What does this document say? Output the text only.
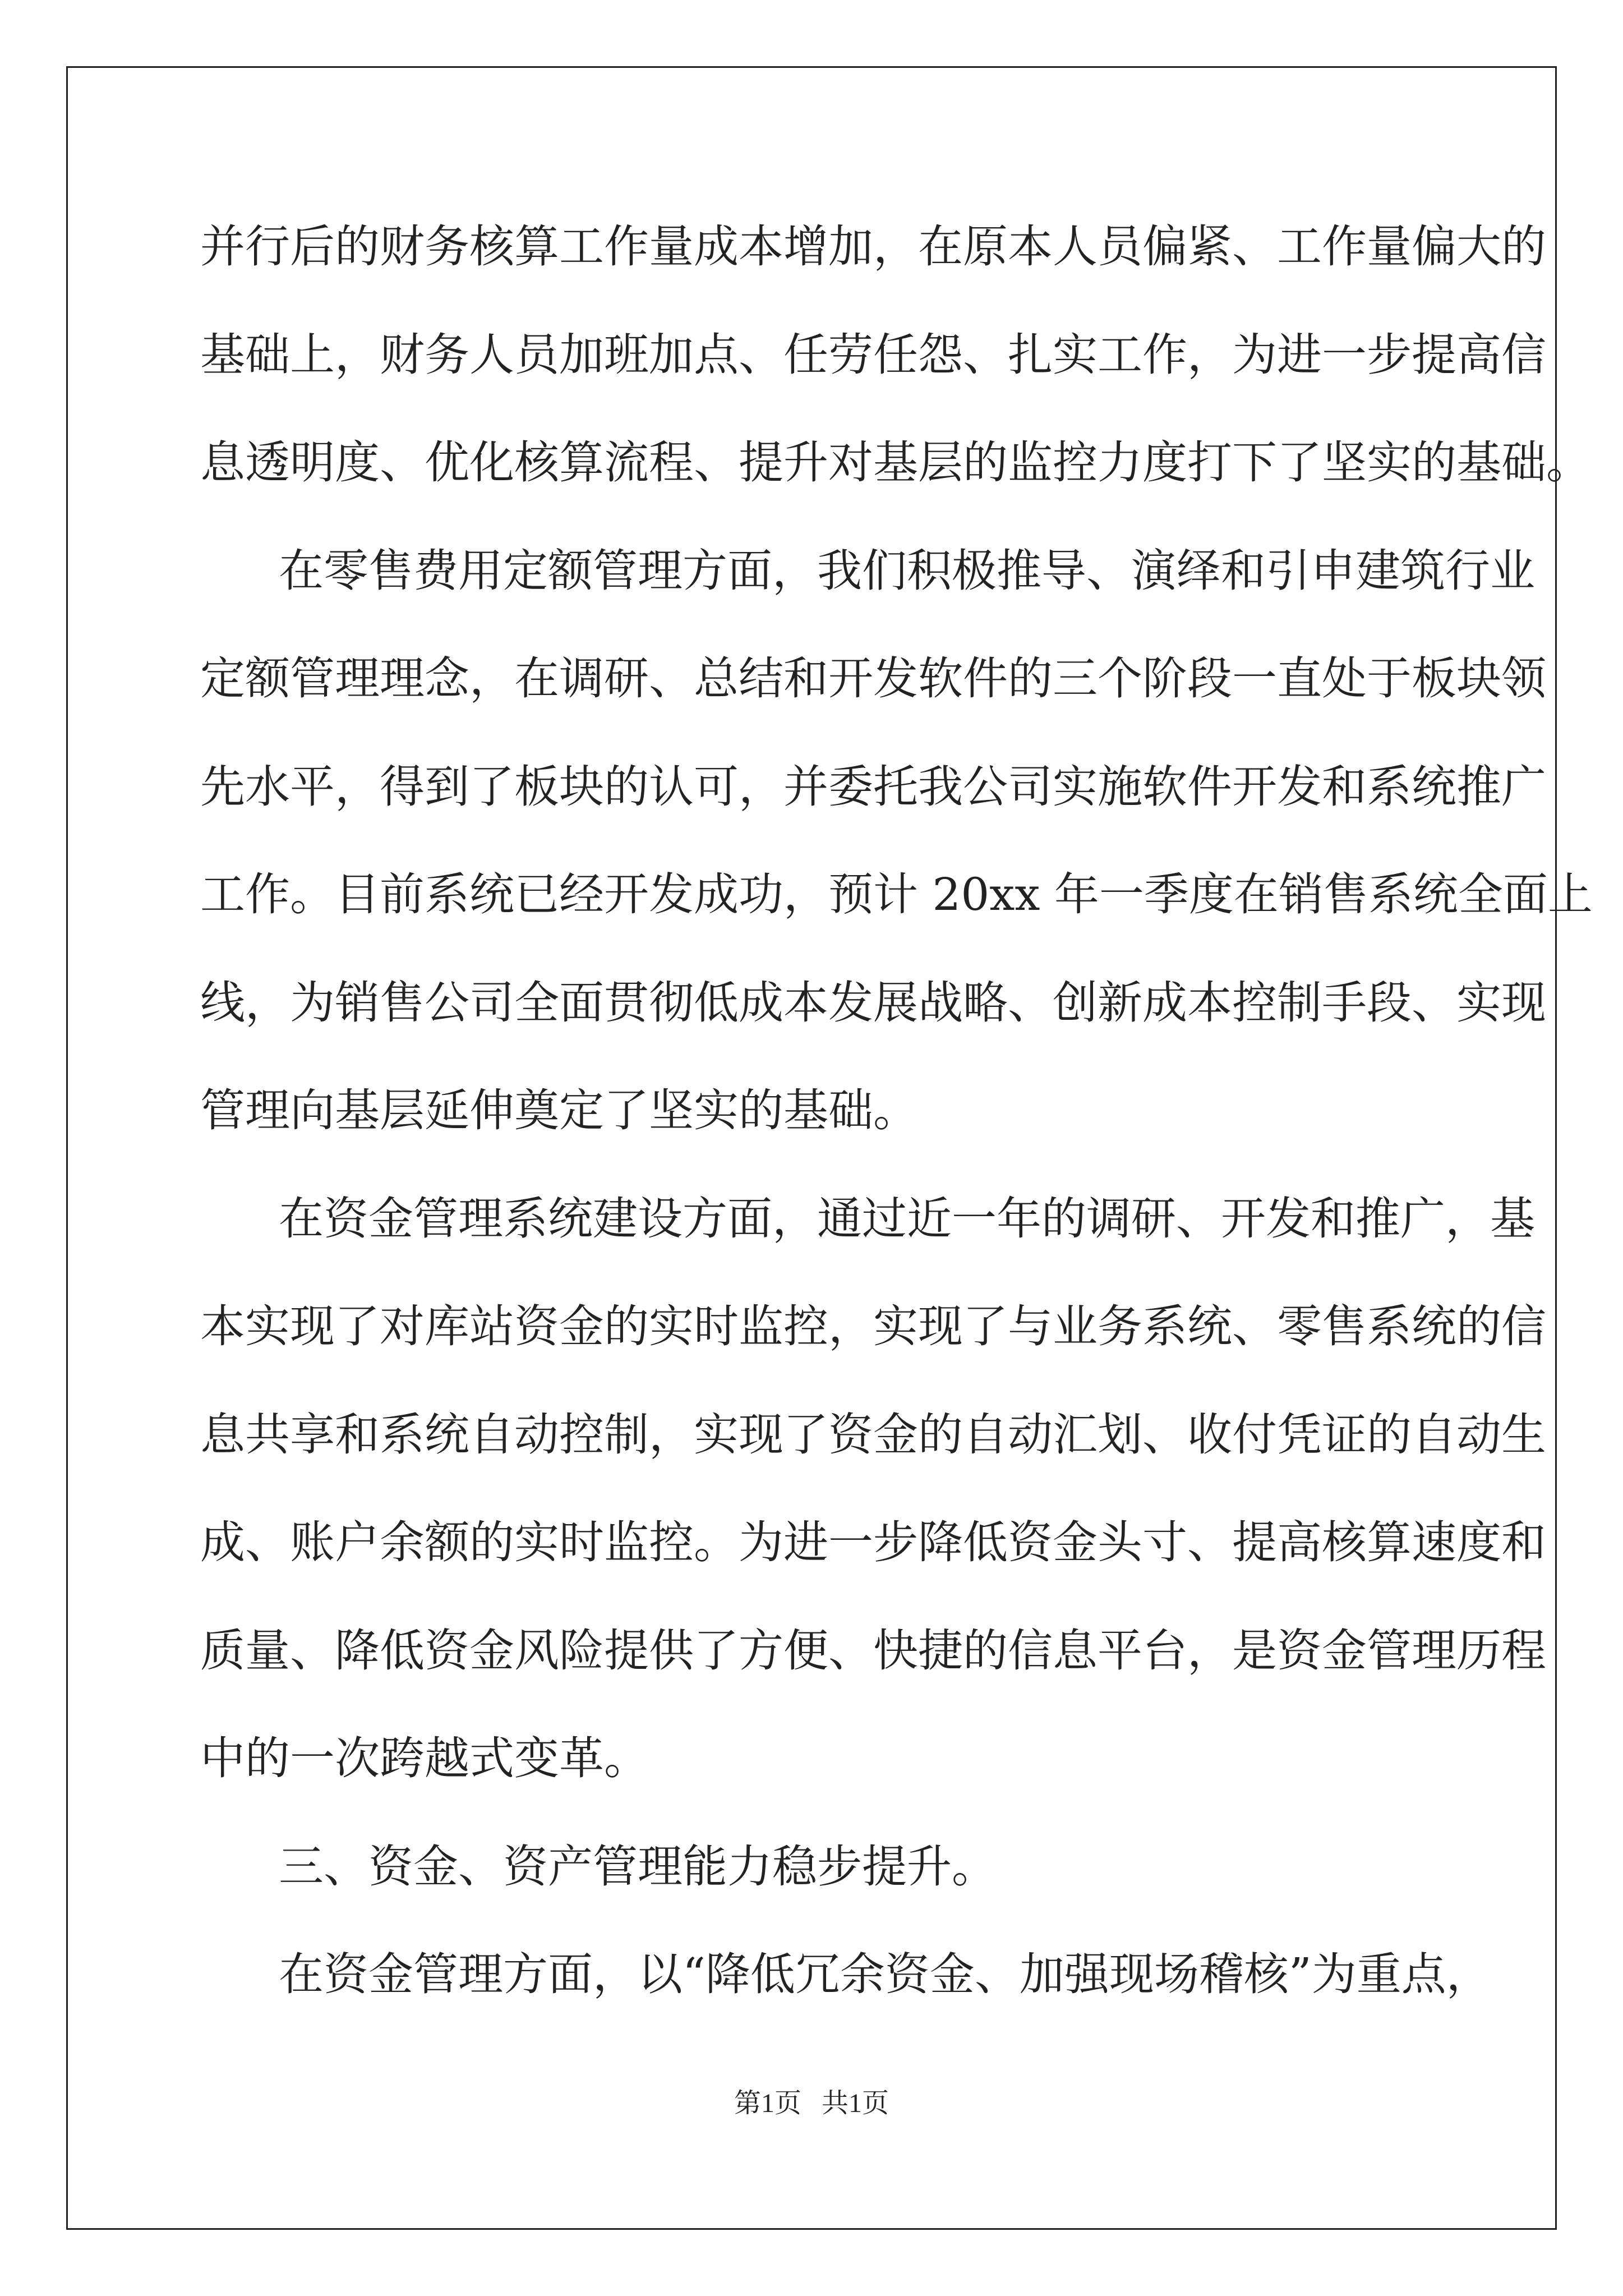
并行后的财务核算工作量成本增加，在原本人员偏紧、工作量偏大的

基础上，财务人员加班加点、任劳任怨、扎实工作，为进一步提高信

息透明度、优化核算流程、提升对基层的监控力度打下了坚实的基础。

在零售费用定额管理方面，我们积极推导、演绎和引申建筑行业

定额管理理念，在调研、总结和开发软件的三个阶段一直处于板块领

先水平，得到了板块的认可，并委托我公司实施软件开发和系统推广

工作。目前系统已经开发成功，预计 20xx 年一季度在销售系统全面上

线，为销售公司全面贯彻低成本发展战略、创新成本控制手段、实现

管理向基层延伸奠定了坚实的基础。

在资金管理系统建设方面，通过近一年的调研、开发和推广，基

本实现了对库站资金的实时监控，实现了与业务系统、零售系统的信

息共享和系统自动控制，实现了资金的自动汇划、收付凭证的自动生

成、账户余额的实时监控。为进一步降低资金头寸、提高核算速度和

质量、降低资金风险提供了方便、快捷的信息平台，是资金管理历程

中的一次跨越式变革。

三、资金、资产管理能力稳步提升。

在资金管理方面，以“降低冗余资金、加强现场稽核”为重点，

第1页   共1页
